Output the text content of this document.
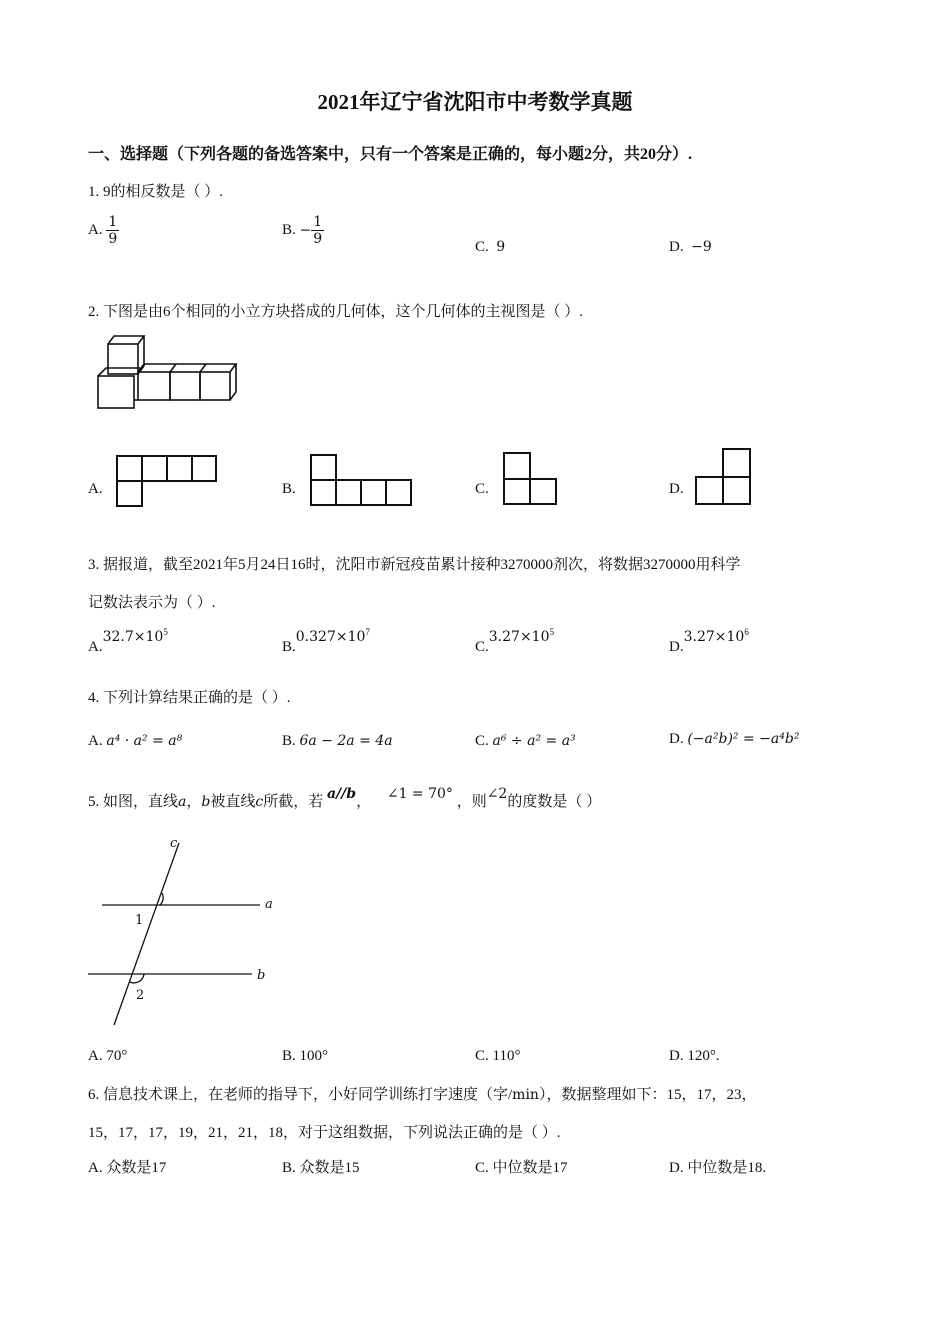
2021年辽宁省沈阳市中考数学真题
一、选择题（下列各题的备选答案中，只有一个答案是正确的，每小题2分，共20分）.
1. 9的相反数是（ ）.
A. $\frac{1}{9}$	B. − $\frac{1}{9}$	C. 9	D. −9
2. 下图是由6个相同的小立方块搭成的几何体，这个几何体的主视图是（ ）.
A.	B.	C.	D.
3. 据报道，截至2021年5月24日16时，沈阳市新冠疫苗累计接种3270000剂次，将数据3270000用科学
记数法表示为（ ）.
$A.32.7\times 10^5$
$B.0.327\times 10^7$
$C.3.27\times 10^5$
$D.3.27\times 10^6$
4. 下列计算结果正确的是（ ）.
A. a⁴ · a² = a⁸	B. 6a − 2a = 4a	C. a⁶ ÷ a² = a³	D. (−a²b)² = −a⁴b²
5. 如图，直线a，b被直线c所截，若 a//b， ∠1 = 70° ，则∠2的度数是（ ）
c
a
b
1
2
A. 70°	B. 100°	C. 110°	D. 120°.
6. 信息技术课上，在老师的指导下，小好同学训练打字速度（字/min），数据整理如下：15，17，23，
15，17，17，19，21，21，18，对于这组数据，下列说法正确的是（ ）.
A. 众数是17	B. 众数是15	C. 中位数是17	D. 中位数是18.
